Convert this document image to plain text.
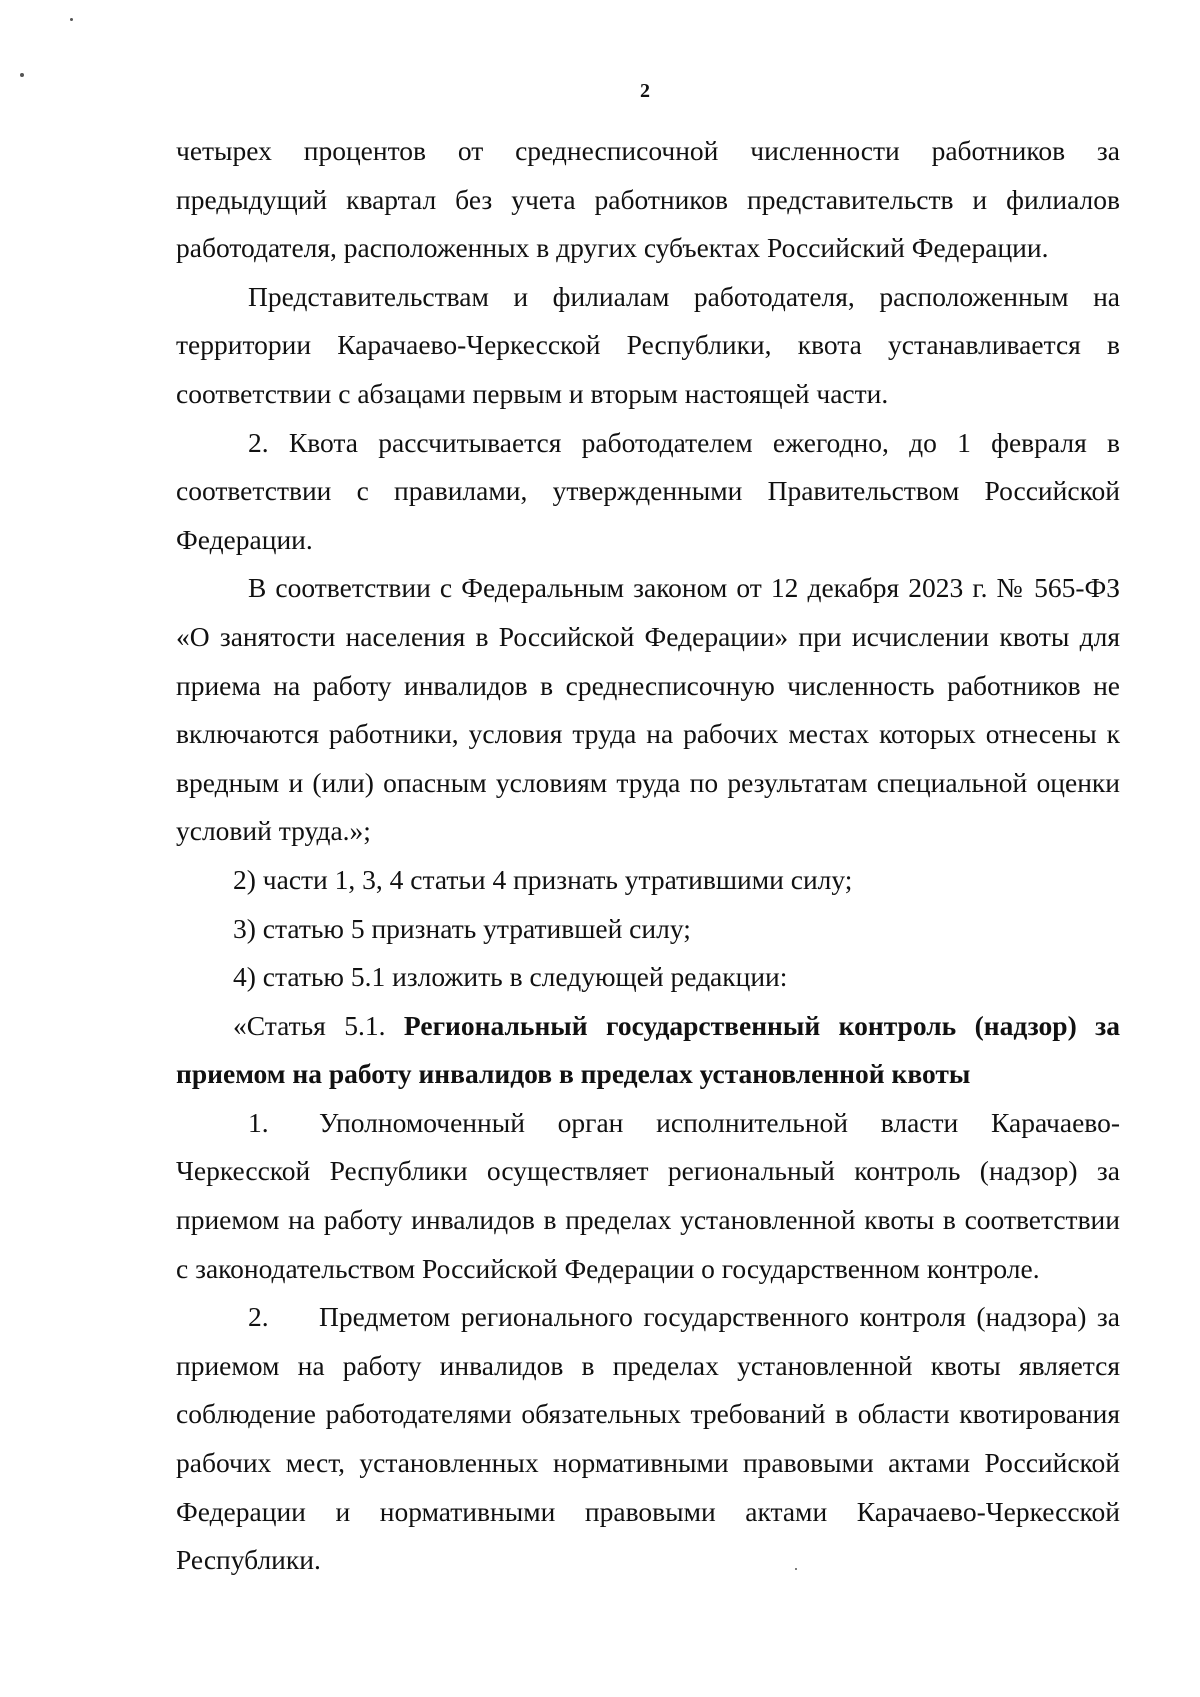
2

четырех процентов от среднесписочной численности работников за предыдущий квартал без учета работников представительств и филиалов работодателя, расположенных в других субъектах Российский Федерации.

Представительствам и филиалам работодателя, расположенным на территории Карачаево-Черкесской Республики, квота устанавливается в соответствии с абзацами первым и вторым настоящей части.

2. Квота рассчитывается работодателем ежегодно, до 1 февраля в соответствии с правилами, утвержденными Правительством Российской Федерации.

В соответствии с Федеральным законом от 12 декабря 2023 г. № 565-ФЗ «О занятости населения в Российской Федерации» при исчислении квоты для приема на работу инвалидов в среднесписочную численность работников не включаются работники, условия труда на рабочих местах которых отнесены к вредным и (или) опасным условиям труда по результатам специальной оценки условий труда.»;

2) части 1, 3, 4 статьи 4 признать утратившими силу;

3) статью 5 признать утратившей силу;

4) статью 5.1 изложить в следующей редакции:

«Статья 5.1. Региональный государственный контроль (надзор) за приемом на работу инвалидов в пределах установленной квоты

1. Уполномоченный орган исполнительной власти Карачаево-Черкесской Республики осуществляет региональный контроль (надзор) за приемом на работу инвалидов в пределах установленной квоты в соответствии с законодательством Российской Федерации о государственном контроле.

2. Предметом регионального государственного контроля (надзора) за приемом на работу инвалидов в пределах установленной квоты является соблюдение работодателями обязательных требований в области квотирования рабочих мест, установленных нормативными правовыми актами Российской Федерации и нормативными правовыми актами Карачаево-Черкесской Республики.
